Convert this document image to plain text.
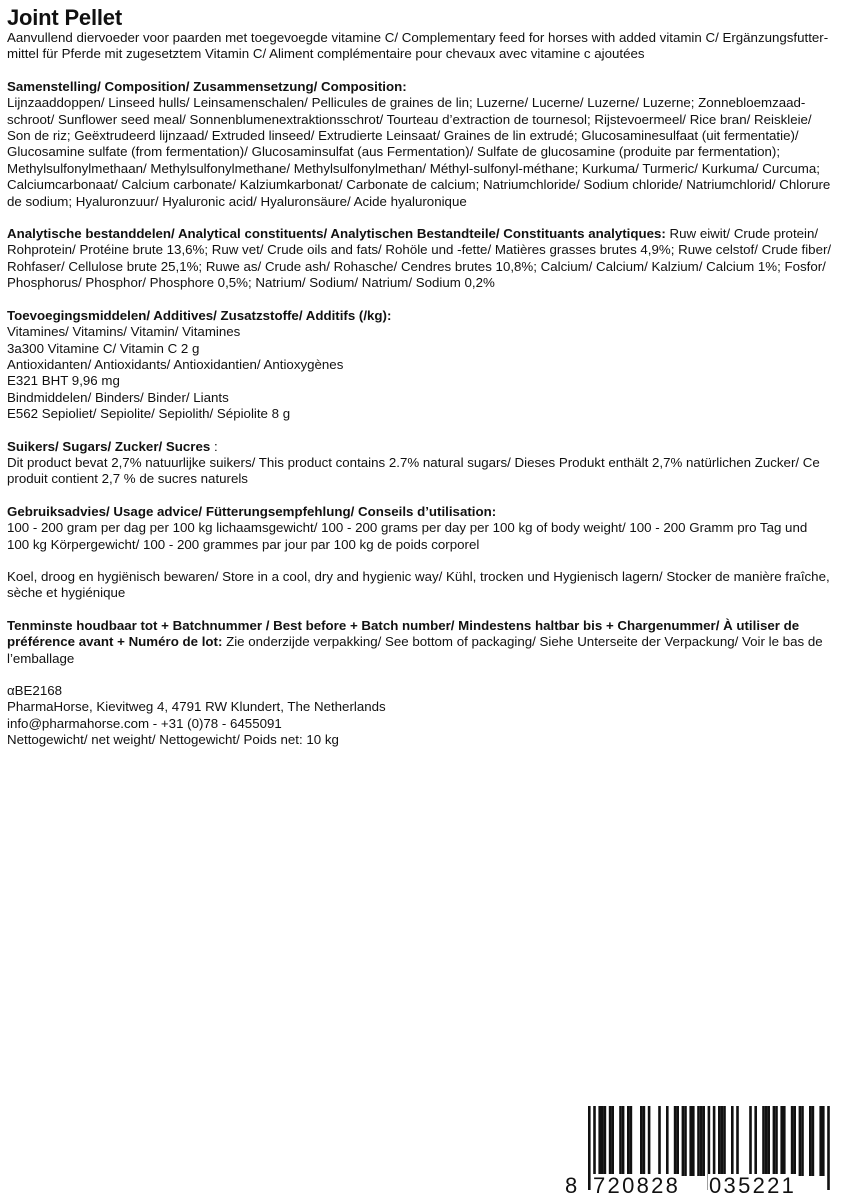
Joint Pellet

Aanvullend diervoeder voor paarden met toegevoegde vitamine C/ Complementary feed for horses with added vitamin C/ Ergänzungsfutter-mittel für Pferde mit zugesetztem Vitamin C/ Aliment complémentaire pour chevaux avec vitamine c ajoutées

Samenstelling/ Composition/ Zusammensetzung/ Composition:

Lijnzaaddoppen/ Linseed hulls/ Leinsamenschalen/ Pellicules de graines de lin; Luzerne/ Lucerne/ Luzerne/ Luzerne; Zonnebloemzaad-schroot/ Sunflower seed meal/ Sonnenblumenextraktionsschrot/ Tourteau d’extraction de tournesol; Rijstevoermeel/ Rice bran/ Reiskleie/ Son de riz; Geëxtrudeerd lijnzaad/ Extruded linseed/ Extrudierte Leinsaat/ Graines de lin extrudé; Glucosaminesulfaat (uit fermentatie)/ Glucosamine sulfate (from fermentation)/ Glucosaminsulfat (aus Fermentation)/ Sulfate de glucosamine (produite par fermentation); Methylsulfonylmethaan/ Methylsulfonylmethane/ Methylsulfonylmethan/ Méthyl-sulfonyl-méthane; Kurkuma/ Turmeric/ Kurkuma/ Curcuma; Calciumcarbonaat/ Calcium carbonate/ Kalziumkarbonat/ Carbonate de calcium; Natriumchloride/ Sodium chloride/ Natriumchlorid/ Chlorure de sodium; Hyaluronzuur/ Hyaluronic acid/ Hyaluronsäure/ Acide hyaluronique

Analytische bestanddelen/ Analytical constituents/ Analytischen Bestandteile/ Constituants analytiques: Ruw eiwit/ Crude protein/ Rohprotein/ Protéine brute 13,6%; Ruw vet/ Crude oils and fats/ Rohöle und -fette/ Matières grasses brutes 4,9%; Ruwe celstof/ Crude fiber/ Rohfaser/ Cellulose brute 25,1%; Ruwe as/ Crude ash/ Rohasche/ Cendres brutes 10,8%; Calcium/ Calcium/ Kalzium/ Calcium 1%; Fosfor/ Phosphorus/ Phosphor/ Phosphore 0,5%; Natrium/ Sodium/ Natrium/ Sodium 0,2%

Toevoegingsmiddelen/ Additives/ Zusatzstoffe/ Additifs (/kg):

Vitamines/ Vitamins/ Vitamin/ Vitamines

3a300 Vitamine C/ Vitamin C 2 g

Antioxidanten/ Antioxidants/ Antioxidantien/ Antioxygènes

E321 BHT 9,96 mg

Bindmiddelen/ Binders/ Binder/ Liants

E562 Sepioliet/ Sepiolite/ Sepiolith/ Sépiolite 8 g

Suikers/ Sugars/ Zucker/ Sucres :

Dit product bevat 2,7% natuurlijke suikers/ This product contains 2.7% natural sugars/ Dieses Produkt enthält 2,7% natürlichen Zucker/ Ce produit contient 2,7 % de sucres naturels

Gebruiksadvies/ Usage advice/ Fütterungsempfehlung/ Conseils d’utilisation:

100 - 200 gram per dag per 100 kg lichaamsgewicht/ 100 - 200 grams per day per 100 kg of body weight/ 100 - 200 Gramm pro Tag und 100 kg Körpergewicht/ 100 - 200 grammes par jour par 100 kg de poids corporel

Koel, droog en hygiënisch bewaren/ Store in a cool, dry and hygienic way/ Kühl, trocken und Hygienisch lagern/ Stocker de manière fraîche, sèche et hygiénique

Tenminste houdbaar tot + Batchnummer / Best before + Batch number/ Mindestens haltbar bis + Chargenummer/ À utiliser de préférence avant + Numéro de lot: Zie onderzijde verpakking/ See bottom of packaging/ Siehe Unterseite der Verpackung/ Voir le bas de l’emballage

αBE2168

PharmaHorse, Kievitweg 4, 4791 RW Klundert, The Netherlands

info@pharmahorse.com - +31 (0)78 - 6455091

Nettogewicht/ net weight/ Nettogewicht/ Poids net: 10 kg

8 720828 035221
